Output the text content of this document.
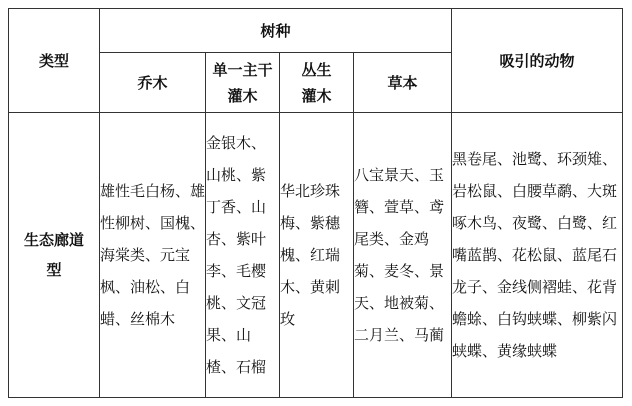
类型	树种				吸引的动物
	乔木	单一主干灌木	丛生灌木	草本	
生态廊道型	雄性毛白杨、雄性柳树、国槐、海棠类、元宝枫、油松、白蜡、丝棉木	金银木、山桃、紫丁香、山杏、紫叶李、毛樱桃、文冠果、山楂、石榴	华北珍珠梅、紫穗槐、红瑞木、黄刺玫	八宝景天、玉簪、萱草、鸢尾类、金鸡菊、麦冬、景天、地被菊、二月兰、马蔺	黑卷尾、池鹭、环颈雉、岩松鼠、白腰草鹬、大斑啄木鸟、夜鹭、白鹭、红嘴蓝鹊、花松鼠、蓝尾石龙子、金线侧褶蛙、花背蟾蜍、白钩蛱蝶、柳紫闪蛱蝶、黄缘蛱蝶
